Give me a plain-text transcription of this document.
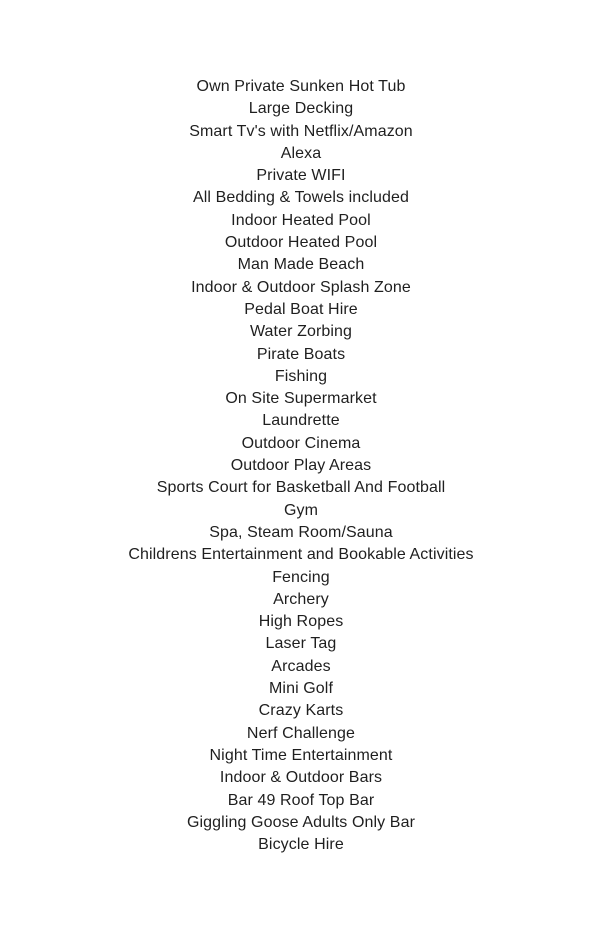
Own Private Sunken Hot Tub
Large Decking
Smart Tv's with Netflix/Amazon
Alexa
Private WIFI
All Bedding & Towels included
Indoor Heated Pool
Outdoor Heated Pool
Man Made Beach
Indoor & Outdoor Splash Zone
Pedal Boat Hire
Water Zorbing
Pirate Boats
Fishing
On Site Supermarket
Laundrette
Outdoor Cinema
Outdoor Play Areas
Sports Court for Basketball And Football
Gym
Spa, Steam Room/Sauna
Childrens Entertainment and Bookable Activities
Fencing
Archery
High Ropes
Laser Tag
Arcades
Mini Golf
Crazy Karts
Nerf Challenge
Night Time Entertainment
Indoor & Outdoor Bars
Bar 49 Roof Top Bar
Giggling Goose Adults Only Bar
Bicycle Hire
